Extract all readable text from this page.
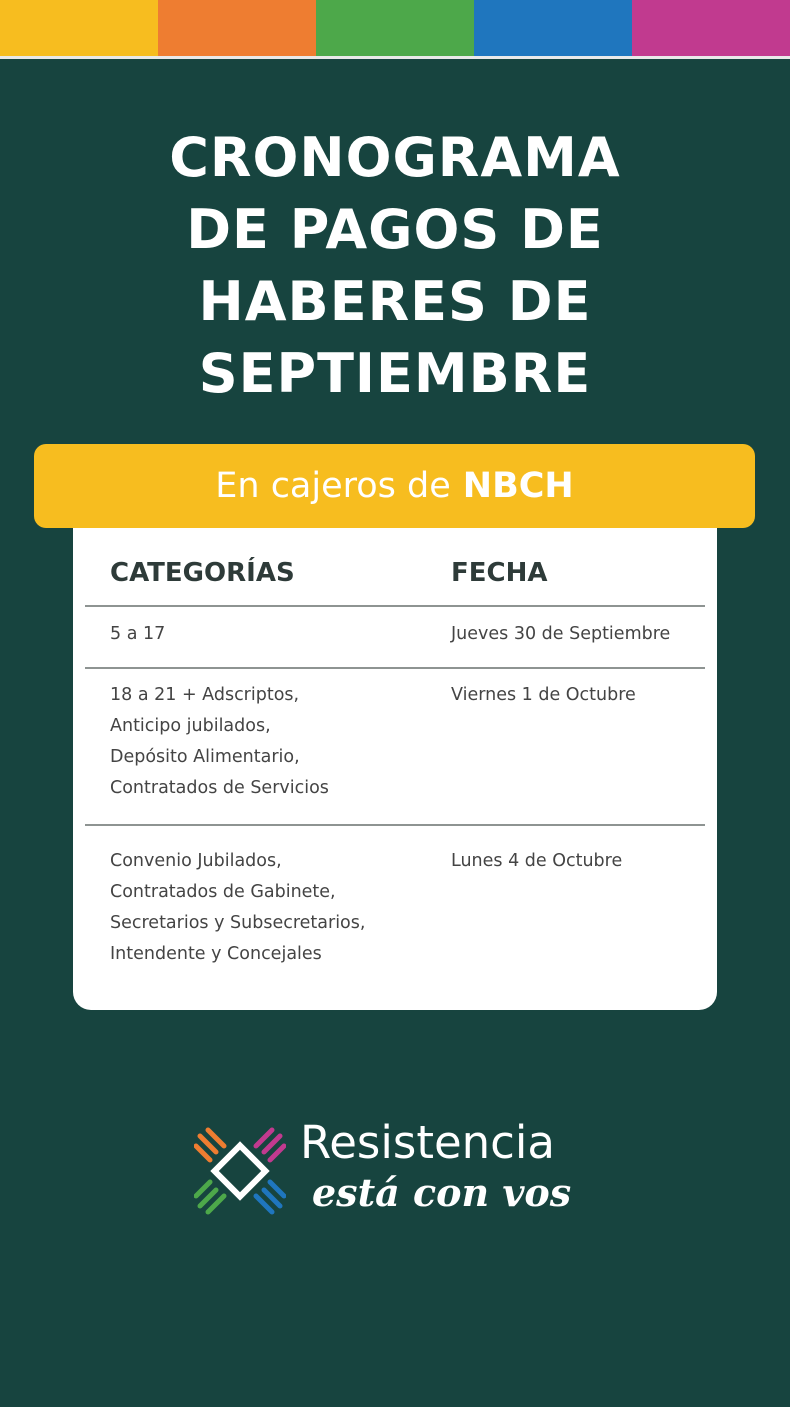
CRONOGRAMA
DE PAGOS DE
HABERES DE
SEPTIEMBRE
En cajeros de NBCH
CATEGORÍAS	FECHA
5 a 17	Jueves 30 de Septiembre
18 a 21 + Adscriptos,
Anticipo jubilados,
Depósito Alimentario,
Contratados de Servicios
Viernes 1 de Octubre
Convenio Jubilados,
Contratados de Gabinete,
Secretarios y Subsecretarios,
Intendente y Concejales
Lunes 4 de Octubre
Resistencia
está con vos
